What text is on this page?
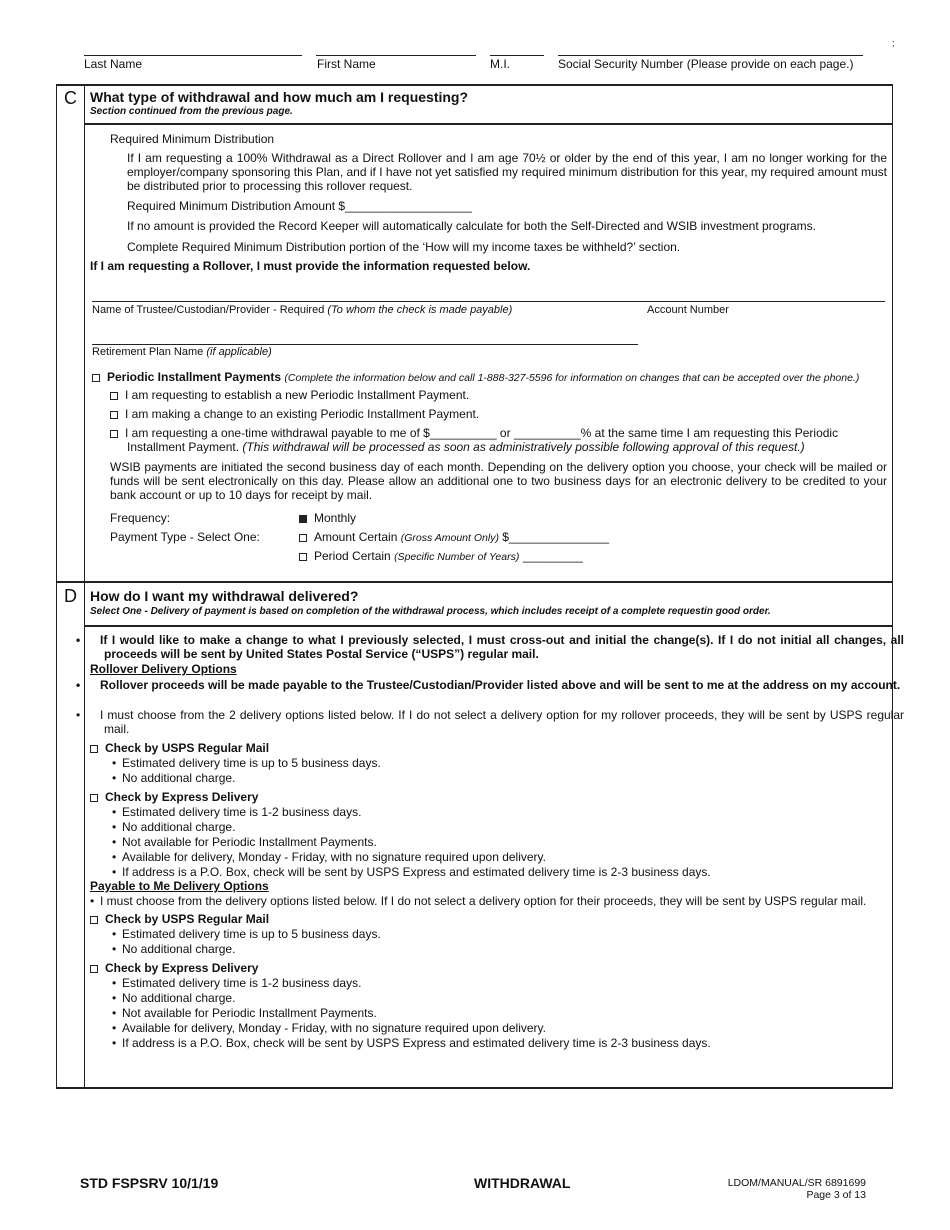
Last Name	First Name	M.I.	Social Security Number (Please provide on each page.)
;
C What type of withdrawal and how much am I requesting?
Section continued from the previous page.
Required Minimum Distribution
If I am requesting a 100% Withdrawal as a Direct Rollover and I am age 70½ or older by the end of this year, I am no longer working for the employer/company sponsoring this Plan, and if I have not yet satisfied my required minimum distribution for this year, my required amount must be distributed prior to processing this rollover request.
Required Minimum Distribution Amount $___________________
If no amount is provided the Record Keeper will automatically calculate for both the Self-Directed and WSIB investment programs.
Complete Required Minimum Distribution portion of the ‘How will my income taxes be withheld?’ section.
If I am requesting a Rollover, I must provide the information requested below.
Name of Trustee/Custodian/Provider - Required (To whom the check is made payable)	Account Number
Retirement Plan Name (if applicable)
Periodic Installment Payments (Complete the information below and call 1-888-327-5596 for information on changes that can be accepted over the phone.)
I am requesting to establish a new Periodic Installment Payment.
I am making a change to an existing Periodic Installment Payment.
I am requesting a one-time withdrawal payable to me of $__________ or __________% at the same time I am requesting this Periodic
Installment Payment. (This withdrawal will be processed as soon as administratively possible following approval of this request.)
WSIB payments are initiated the second business day of each month. Depending on the delivery option you choose, your check will be mailed or funds will be sent electronically on this day. Please allow an additional one to two business days for an electronic delivery to be credited to your bank account or up to 10 days for receipt by mail.
Frequency:	Monthly
Payment Type - Select One:	Amount Certain (Gross Amount Only) $_______________
Period Certain (Specific Number of Years) _________
D How do I want my withdrawal delivered?
Select One - Delivery of payment is based on completion of the withdrawal process, which includes receipt of a complete requestin good order.
• If I would like to make a change to what I previously selected, I must cross-out and initial the change(s). If I do not initial all changes, all proceeds will be sent by United States Postal Service (“USPS”) regular mail.
Rollover Delivery Options
• Rollover proceeds will be made payable to the Trustee/Custodian/Provider listed above and will be sent to me at the address on my account.
• I must choose from the 2 delivery options listed below. If I do not select a delivery option for my rollover proceeds, they will be sent by USPS regular mail.
Check by USPS Regular Mail
• Estimated delivery time is up to 5 business days.
• No additional charge.
Check by Express Delivery
• Estimated delivery time is 1-2 business days.
• No additional charge.
• Not available for Periodic Installment Payments.
• Available for delivery, Monday - Friday, with no signature required upon delivery.
• If address is a P.O. Box, check will be sent by USPS Express and estimated delivery time is 2-3 business days.
Payable to Me Delivery Options
• I must choose from the delivery options listed below. If I do not select a delivery option for their proceeds, they will be sent by USPS regular mail.
Check by USPS Regular Mail
• Estimated delivery time is up to 5 business days.
• No additional charge.
Check by Express Delivery
• Estimated delivery time is 1-2 business days.
• No additional charge.
• Not available for Periodic Installment Payments.
• Available for delivery, Monday - Friday, with no signature required upon delivery.
• If address is a P.O. Box, check will be sent by USPS Express and estimated delivery time is 2-3 business days.
STD FSPSRV 10/1/19	WITHDRAWAL	LDOM/MANUAL/SR 6891699
Page 3 of 13
